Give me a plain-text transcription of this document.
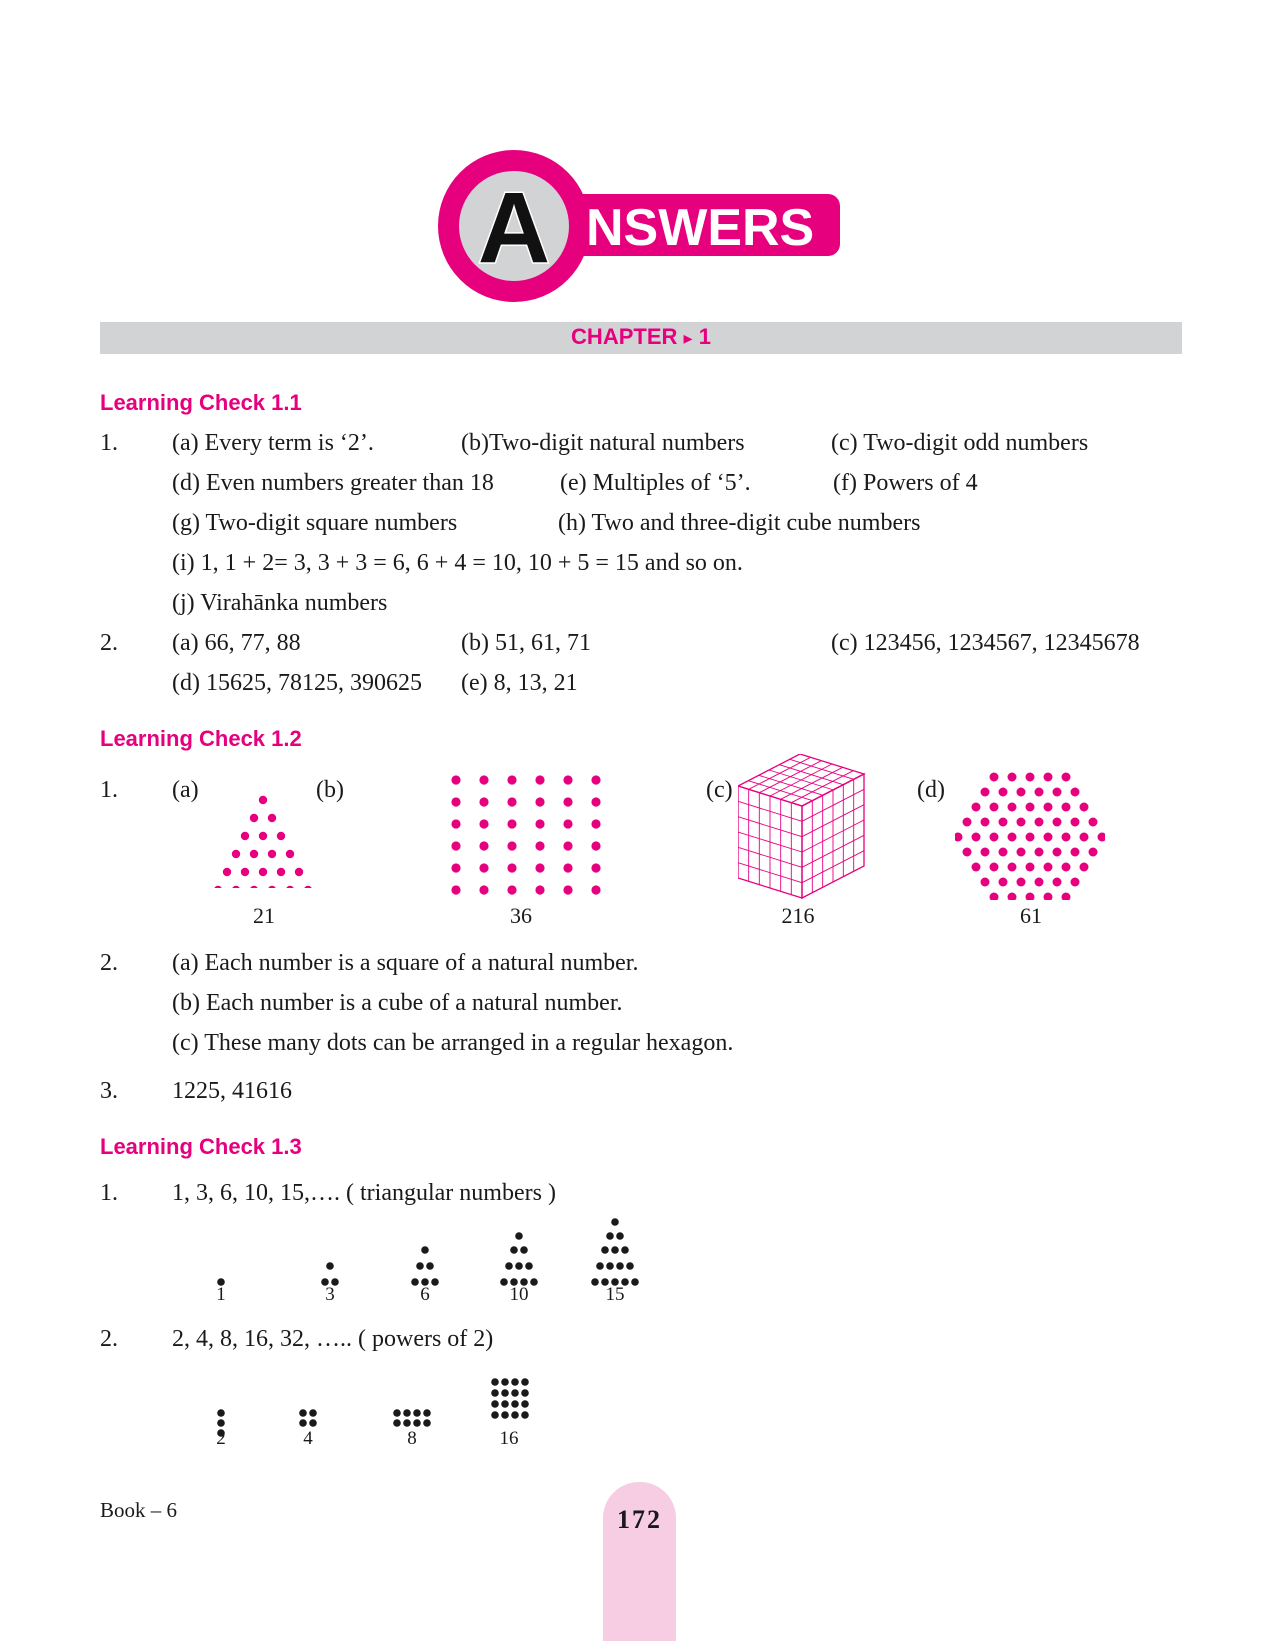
A NSWERS
CHAPTER ▸ 1
Learning Check 1.1
1. (a) Every term is ‘2’.	(b)Two-digit natural numbers	(c) Two-digit odd numbers
(d) Even numbers greater than 18	(e) Multiples of ‘5’.	(f) Powers of 4
(g) Two-digit square numbers	(h) Two and three-digit cube numbers
(i) 1, 1 + 2= 3, 3 + 3 = 6, 6 + 4 = 10, 10 + 5 = 15 and so on.
(j) Virahānka numbers
2. (a) 66, 77, 88	(b) 51, 61, 71	(c) 123456, 1234567, 12345678
(d) 15625, 78125, 390625 (e) 8, 13, 21
Learning Check 1.2
1. (a)	(b)	(c)	(d)
21	36	216	61
2. (a) Each number is a square of a natural number.
(b) Each number is a cube of a natural number.
(c) These many dots can be arranged in a regular hexagon.
3. 1225, 41616
Learning Check 1.3
1. 1, 3, 6, 10, 15,…. ( triangular numbers )
1	3	6	10	15
2. 2, 4, 8, 16, 32, ….. ( powers of 2)
2	4	8	16
Book – 6	172
